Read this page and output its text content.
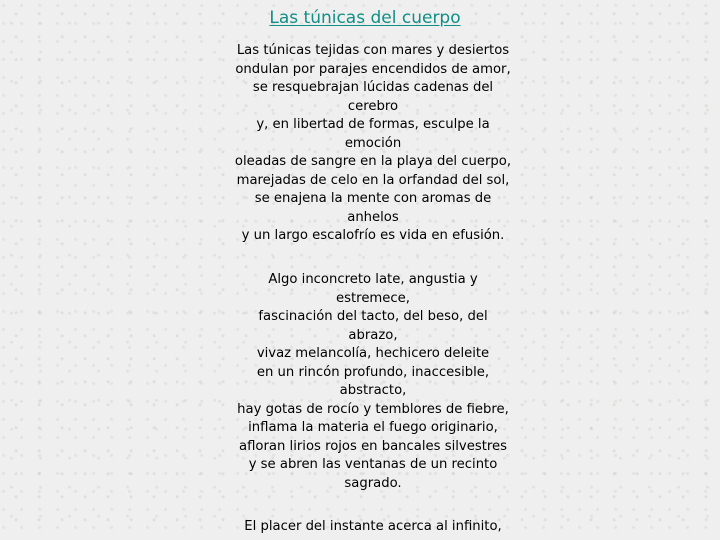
Las túnicas del cuerpo
Las túnicas tejidas con mares y desiertos
ondulan por parajes encendidos de amor,
se resquebrajan lúcidas cadenas del
cerebro
y, en libertad de formas, esculpe la
emoción
oleadas de sangre en la playa del cuerpo,
marejadas de celo en la orfandad del sol,
se enajena la mente con aromas de
anhelos
y un largo escalofrío es vida en efusión.
Algo inconcreto late, angustia y
estremece,
fascinación del tacto, del beso, del
abrazo,
vivaz melancolía, hechicero deleite
en un rincón profundo, inaccesible,
abstracto,
hay gotas de rocío y temblores de fiebre,
inflama la materia el fuego originario,
afloran lirios rojos en bancales silvestres
y se abren las ventanas de un recinto
sagrado.
El placer del instante acerca al infinito,
